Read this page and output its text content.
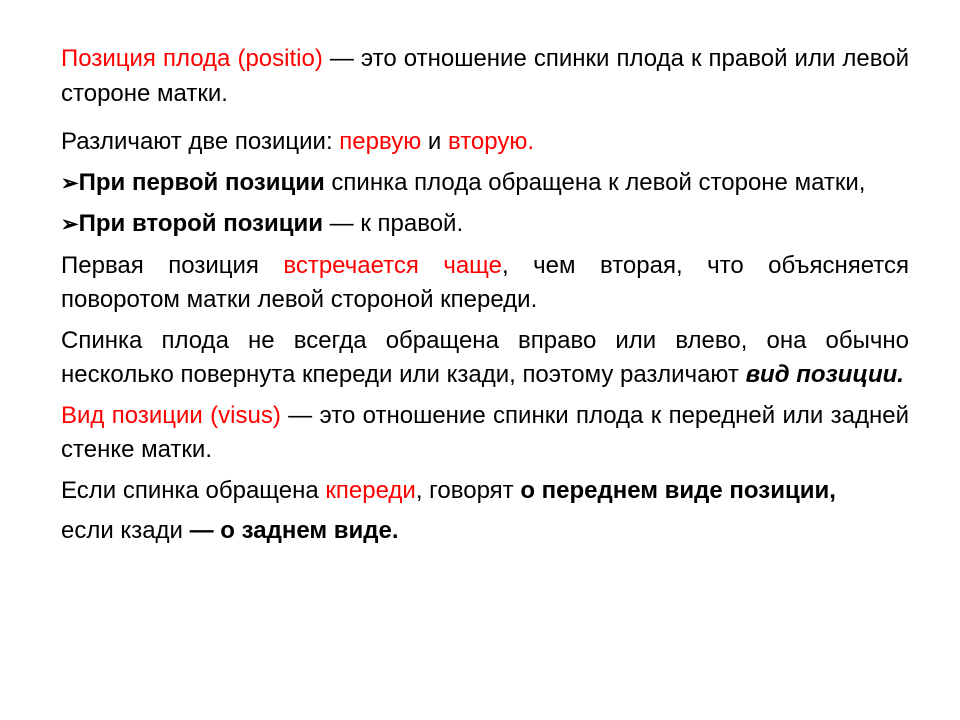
Позиция плода (positio) — это отношение спинки плода к правой или левой стороне матки.

Различают две позиции: первую и вторую.

➢При первой позиции спинка плода обращена к левой стороне матки,

➢При второй позиции — к правой.

Первая позиция встречается чаще, чем вторая, что объясняется поворотом матки левой стороной кпереди.

Спинка плода не всегда обращена вправо или влево, она обычно несколько повернута кпереди или кзади, поэтому различают вид позиции.

Вид позиции (visus) — это отношение спинки плода к передней или задней стенке матки.

Если спинка обращена кпереди, говорят о переднем виде позиции,

если кзади — о заднем виде.
